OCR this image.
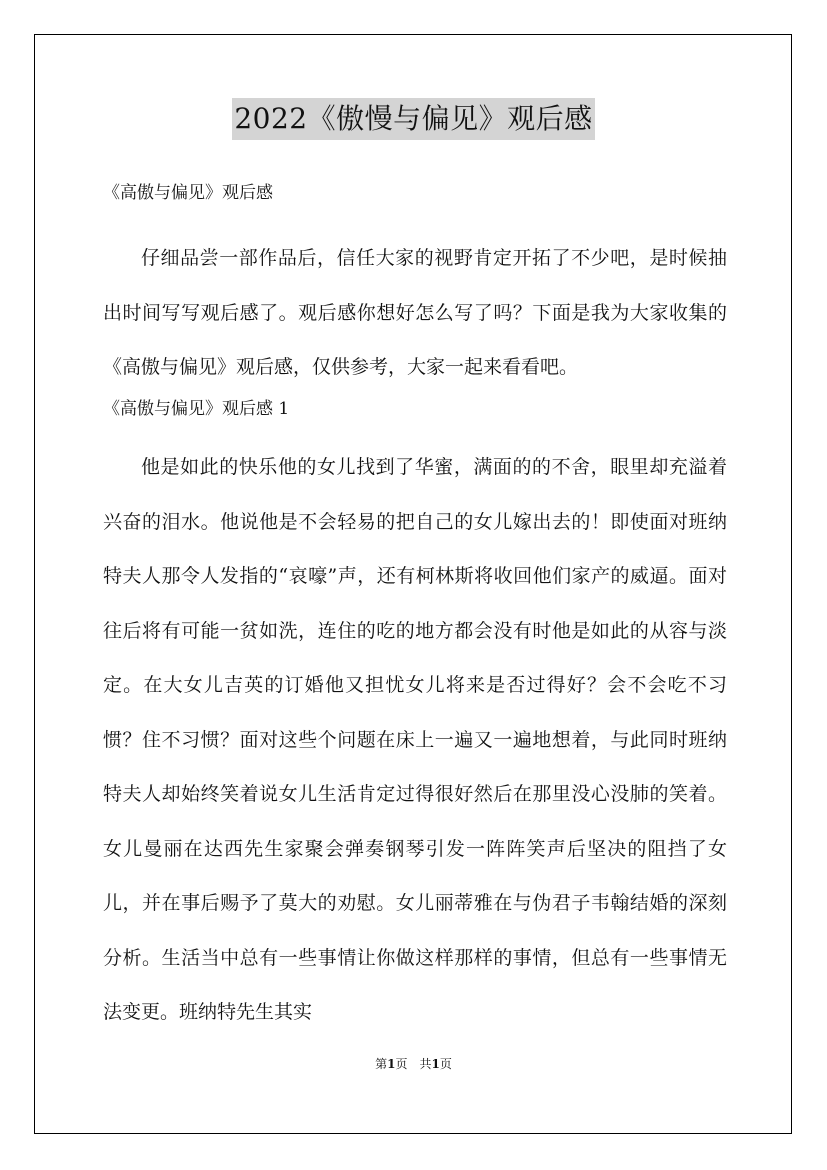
2022《傲慢与偏见》观后感
《高傲与偏见》观后感

仔细品尝一部作品后，信任大家的视野肯定开拓了不少吧，是时候抽出时间写写观后感了。观后感你想好怎么写了吗？下面是我为大家收集的《高傲与偏见》观后感，仅供参考，大家一起来看看吧。

《高傲与偏见》观后感 1

他是如此的快乐他的女儿找到了华蜜，满面的的不舍，眼里却充溢着兴奋的泪水。他说他是不会轻易的把自己的女儿嫁出去的！即使面对班纳特夫人那令人发指的“哀嚎”声，还有柯林斯将收回他们家产的威逼。面对往后将有可能一贫如洗，连住的吃的地方都会没有时他是如此的从容与淡定。在大女儿吉英的订婚他又担忧女儿将来是否过得好？会不会吃不习惯？住不习惯？面对这些个问题在床上一遍又一遍地想着，与此同时班纳特夫人却始终笑着说女儿生活肯定过得很好然后在那里没心没肺的笑着。女儿曼丽在达西先生家聚会弹奏钢琴引发一阵阵笑声后坚决的阻挡了女儿，并在事后赐予了莫大的劝慰。女儿丽蒂雅在与伪君子韦翰结婚的深刻分析。生活当中总有一些事情让你做这样那样的事情，但总有一些事情无法变更。班纳特先生其实

第1页 共1页
